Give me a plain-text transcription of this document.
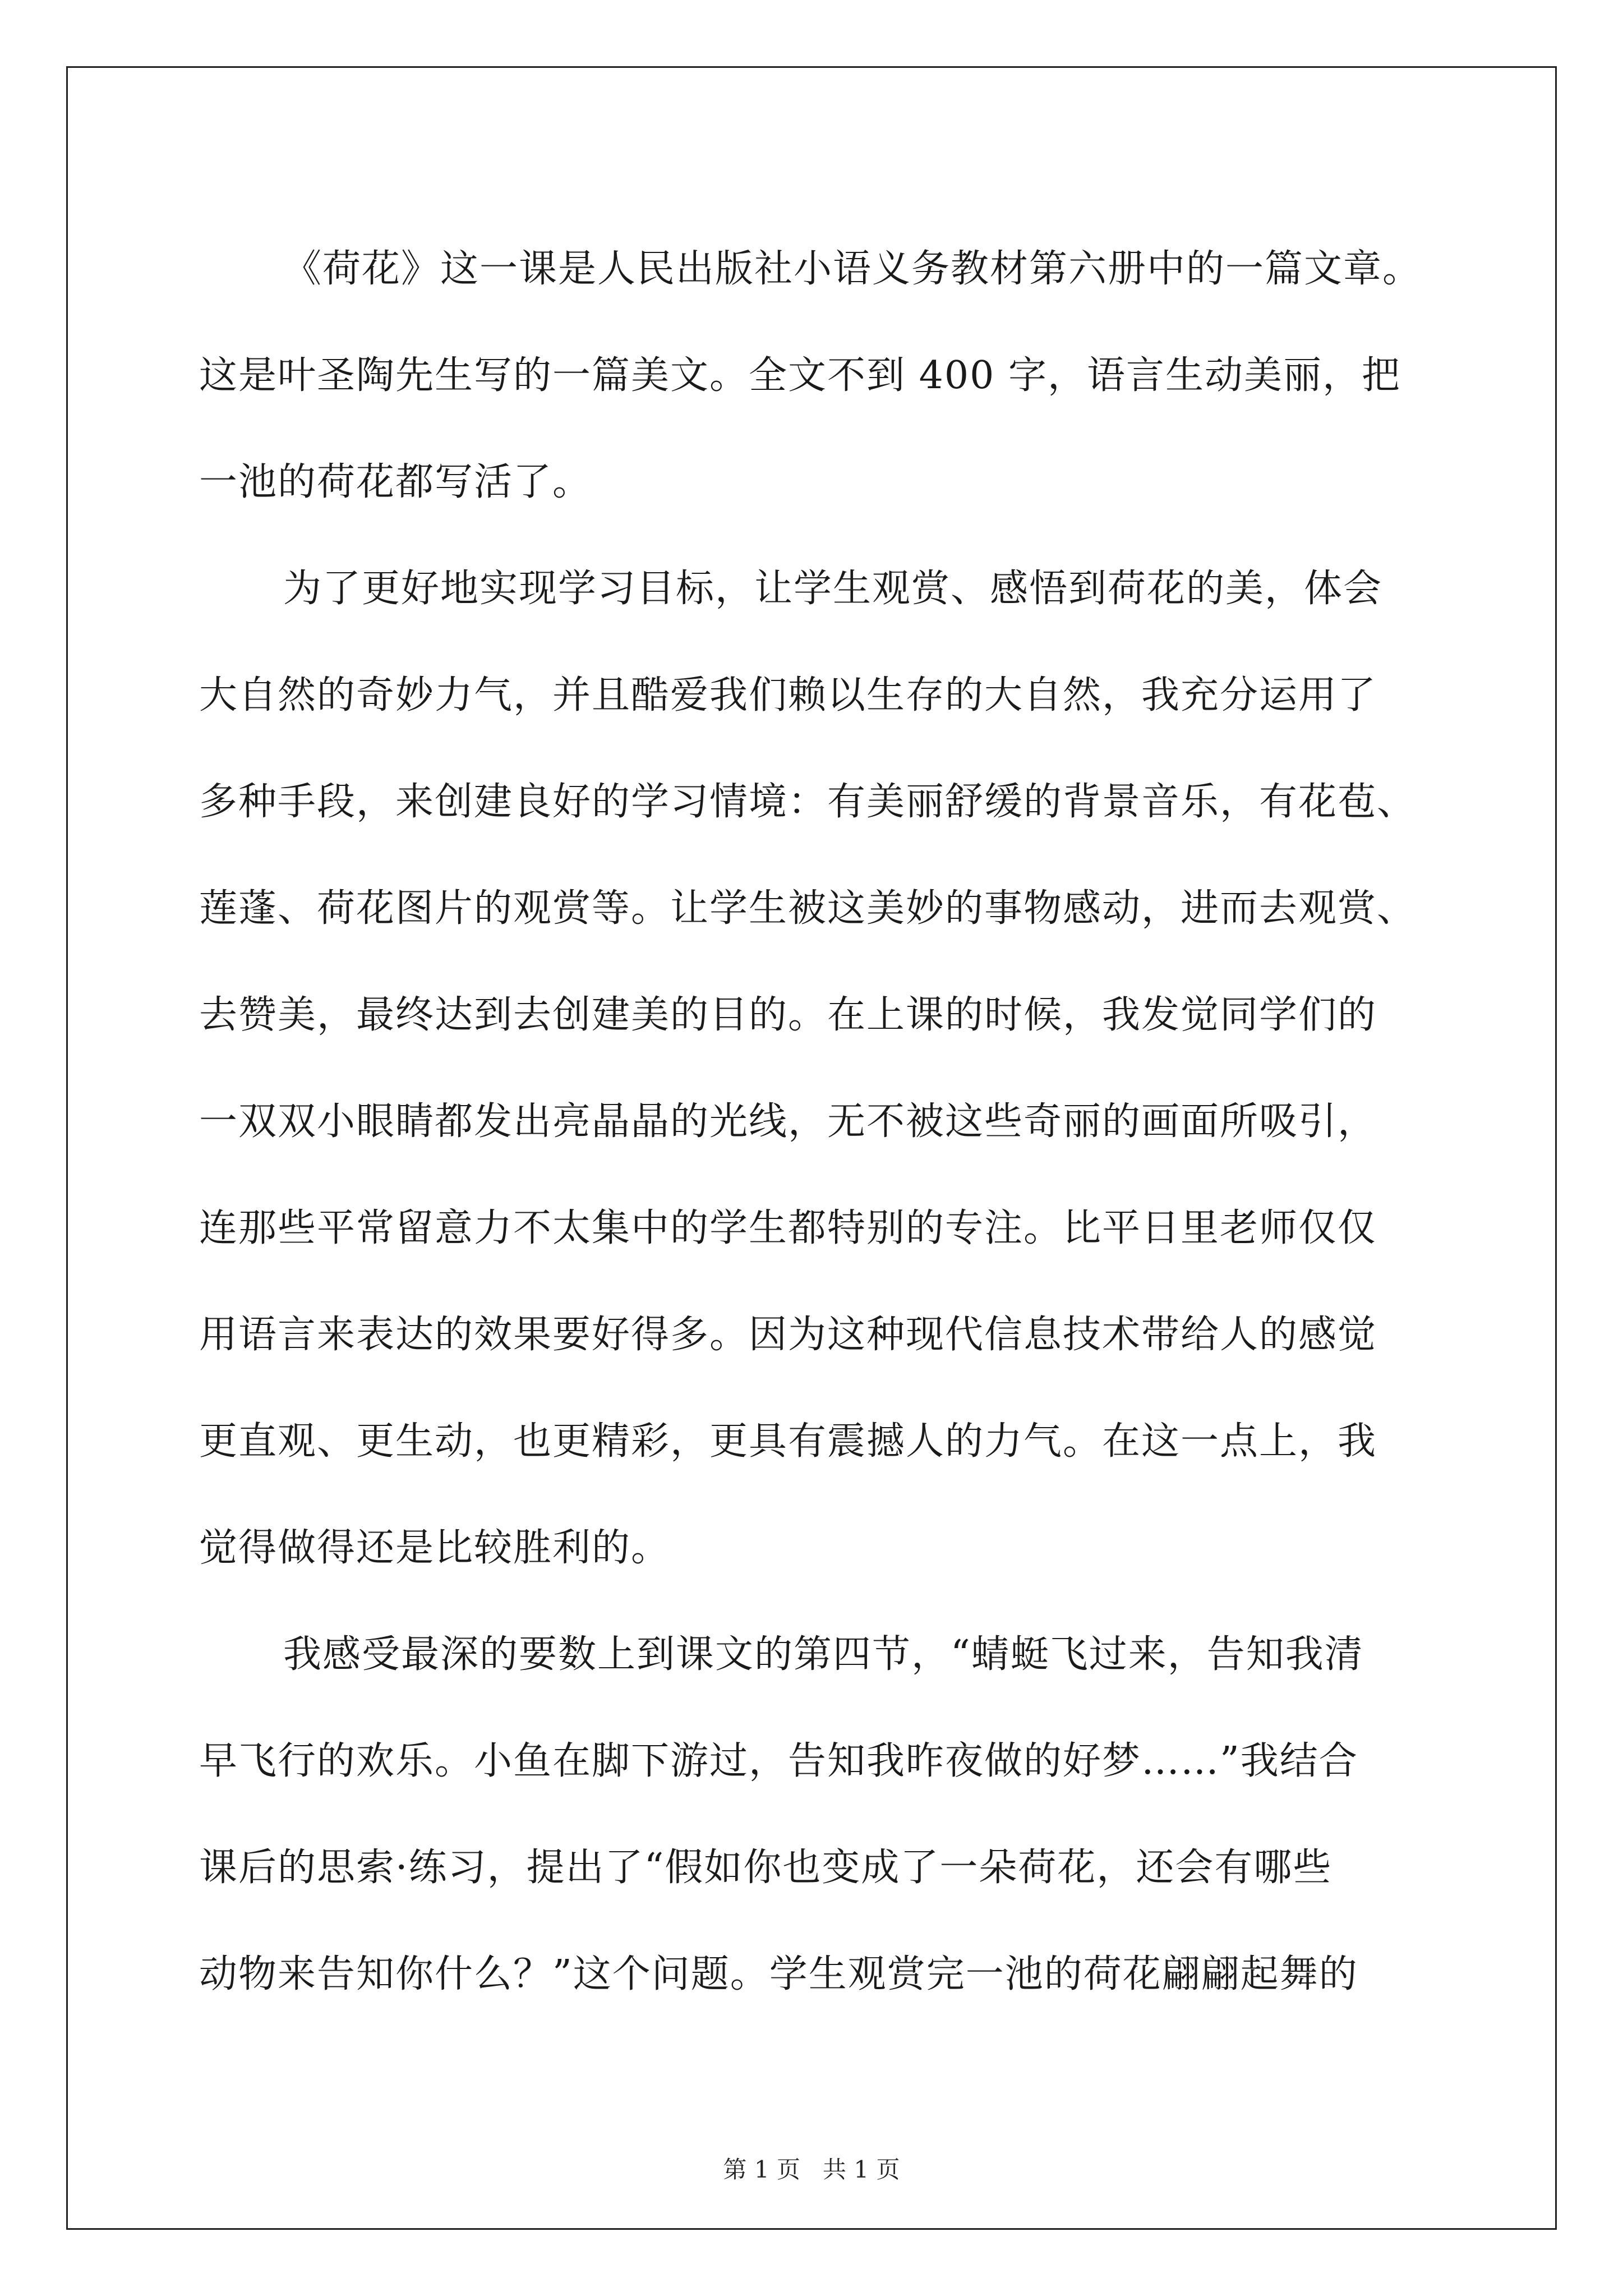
《荷花》这一课是人民出版社小语义务教材第六册中的一篇文章。
这是叶圣陶先生写的一篇美文。全文不到 400 字，语言生动美丽，把
一池的荷花都写活了。
为了更好地实现学习目标，让学生观赏、感悟到荷花的美，体会
大自然的奇妙力气，并且酷爱我们赖以生存的大自然，我充分运用了
多种手段，来创建良好的学习情境：有美丽舒缓的背景音乐，有花苞、
莲蓬、荷花图片的观赏等。让学生被这美妙的事物感动，进而去观赏、
去赞美，最终达到去创建美的目的。在上课的时候，我发觉同学们的
一双双小眼睛都发出亮晶晶的光线，无不被这些奇丽的画面所吸引，
连那些平常留意力不太集中的学生都特别的专注。比平日里老师仅仅
用语言来表达的效果要好得多。因为这种现代信息技术带给人的感觉
更直观、更生动，也更精彩，更具有震撼人的力气。在这一点上，我
觉得做得还是比较胜利的。
我感受最深的要数上到课文的第四节，“蜻蜓飞过来，告知我清
早飞行的欢乐。小鱼在脚下游过，告知我昨夜做的好梦……”我结合
课后的思索·练习，提出了“假如你也变成了一朵荷花，还会有哪些
动物来告知你什么？”这个问题。学生观赏完一池的荷花翩翩起舞的
第 1 页   共 1 页
